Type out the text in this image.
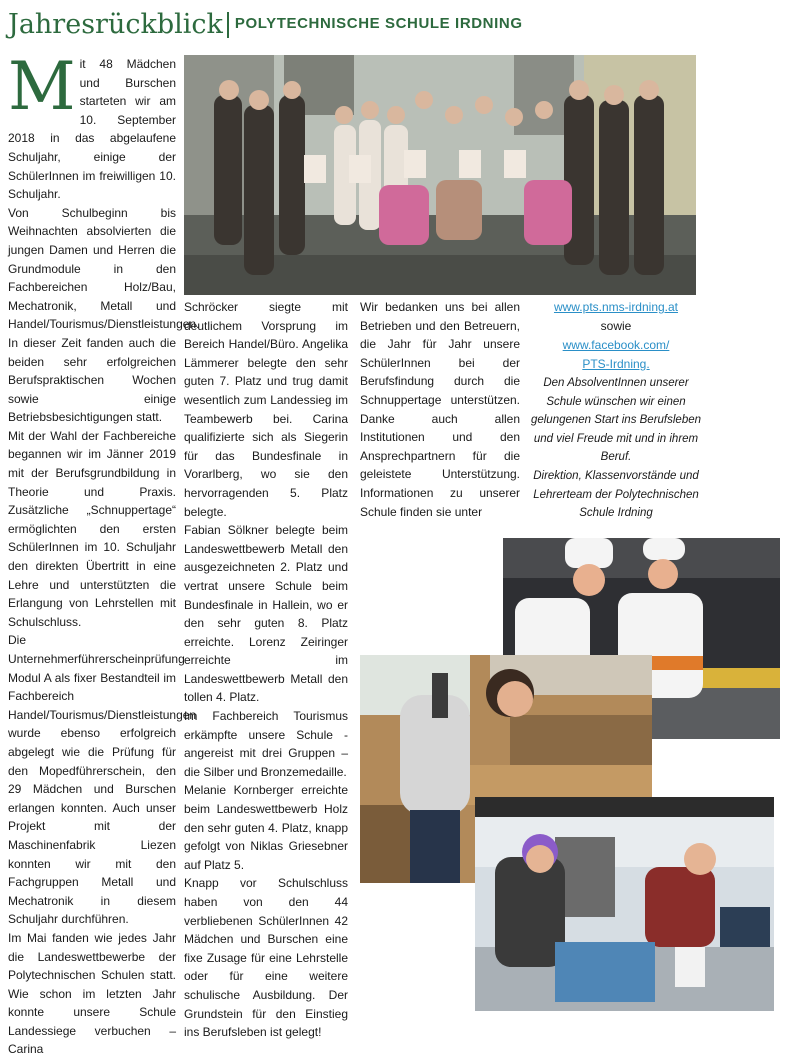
Jahresrückblick POLYTECHNISCHE SCHULE IRDNING

Mit 48 Mädchen und Burschen starteten wir am 10. September 2018 in das abgelaufene Schuljahr, einige der SchülerInnen im freiwilligen 10. Schuljahr.

Von Schulbeginn bis Weihnachten absolvierten die jungen Damen und Herren die Grundmodule in den Fachbereichen Holz/Bau, Mechatronik, Metall und Handel/Tourismus/Dienstleistungen. In dieser Zeit fanden auch die beiden sehr erfolgreichen Berufspraktischen Wochen sowie einige Betriebsbesichtigungen statt.

Mit der Wahl der Fachbereiche begannen wir im Jänner 2019 mit der Berufsgrundbildung in Theorie und Praxis. Zusätzliche „Schnuppertage“ ermöglichten den ersten SchülerInnen im 10. Schuljahr den direkten Übertritt in eine Lehre und unterstützten die Erlangung von Lehrstellen mit Schulschluss.

Die Unternehmerführerscheinprüfung Modul A als fixer Bestandteil im Fachbereich Handel/Tourismus/Dienstleistungen wurde ebenso erfolgreich abgelegt wie die Prüfung für den Mopedführerschein, den 29 Mädchen und Burschen erlangen konnten. Auch unser Projekt mit der Maschinenfabrik Liezen konnten wir mit den Fachgruppen Metall und Mechatronik in diesem Schuljahr durchführen.

Im Mai fanden wie jedes Jahr die Landeswettbewerbe der Polytechnischen Schulen statt. Wie schon im letzten Jahr konnte unsere Schule Landessiege verbuchen – Carina

Schröcker siegte mit deutlichem Vorsprung im Bereich Handel/Büro. Angelika Lämmerer belegte den sehr guten 7. Platz und trug damit wesentlich zum Landessieg im Teambewerb bei. Carina qualifizierte sich als Siegerin für das Bundesfinale in Vorarlberg, wo sie den hervorragenden 5. Platz belegte.

Fabian Sölkner belegte beim Landeswettbewerb Metall den ausgezeichneten 2. Platz und vertrat unsere Schule beim Bundesfinale in Hallein, wo er den sehr guten 8. Platz erreichte. Lorenz Zeiringer erreichte im Landeswettbewerb Metall den tollen 4. Platz.

Im Fachbereich Tourismus erkämpfte unsere Schule - angereist mit drei Gruppen – die Silber und Bronzemedaille.

Melanie Kornberger erreichte beim Landeswettbewerb Holz den sehr guten 4. Platz, knapp gefolgt von Niklas Griesebner auf Platz 5.

Knapp vor Schulschluss haben von den 44 verbliebenen SchülerInnen 42 Mädchen und Burschen eine fixe Zusage für eine Lehrstelle oder für eine weitere schulische Ausbildung. Der Grundstein für den Einstieg ins Berufsleben ist gelegt!

Wir bedanken uns bei allen Betrieben und den Betreuern, die Jahr für Jahr unsere SchülerInnen bei der Berufsfindung durch die Schnuppertage unterstützen. Danke auch allen Institutionen und den Ansprechpartnern für die geleistete Unterstützung. Informationen zu unserer Schule finden sie unter

www.pts.nms-irdning.at
sowie
www.facebook.com/
PTS-Irdning.
Den AbsolventInnen unserer Schule wünschen wir einen gelungenen Start ins Berufsleben und viel Freude mit und in ihrem Beruf.
Direktion, Klassenvorstände und Lehrerteam der Polytechnischen Schule Irdning
